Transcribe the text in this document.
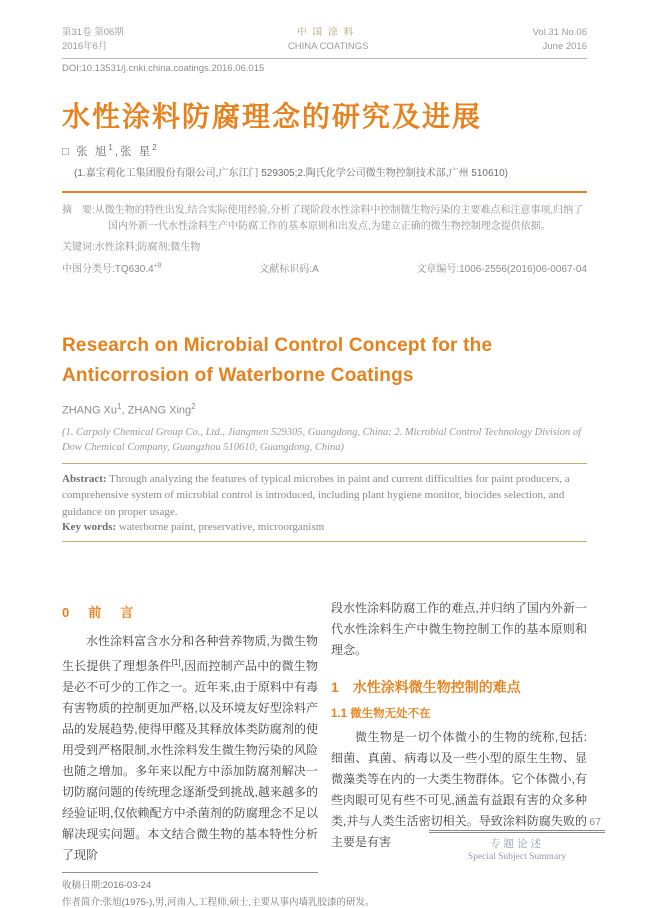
第31卷 第06期
2016年6月
中国涂料
CHINA COATINGS
Vol.31 No.06
June 2016
DOI:10.13531/j.cnki.china.coatings.2016.06.015
水性涂料防腐理念的研究及进展
□ 张 旭$^1$,张 星$^2$
(1.嘉宝莉化工集团股份有限公司,广东江门 529305;2.陶氏化学公司微生物控制技术部,广州 510610)
摘　要:从微生物的特性出发,结合实际使用经验,分析了现阶段水性涂料中控制微生物污染的主要难点和注意事项,归纳了国内外新一代水性涂料生产中防腐工作的基本原则和出发点,为建立正确的微生物控制理念提供依据。
关键词:水性涂料;防腐剂;微生物
中图分类号$:TQ630.4^{+9}$	文献标识码:A	文章编号:1006-2556(2016)06-0067-04
Research on Microbial Control Concept for the Anticorrosion of Waterborne Coatings
ZHANG Xu$^1$, ZHANG Xing$^2$
(1. Carpoly Chemical Group Co., Ltd., Jiangmen 529305, Guangdong, China; 2. Microbial Control Technology Division of Dow Chemical Company, Guangzhou 510610, Guangdong, China)
Abstract: Through analyzing the features of typical microbes in paint and current difficulties for paint producers, a comprehensive system of microbial control is introduced, including plant hygiene monitor, biocides selection, and guidance on proper usage.
Key words: waterborne paint, preservative, microorganism
0　前　言

水性涂料富含水分和各种营养物质,为微生物生长提供了理想条件[1],因而控制产品中的微生物是必不可少的工作之一。近年来,由于原料中有毒有害物质的控制更加严格,以及环境友好型涂料产品的发展趋势,使得甲醛及其释放体类防腐剂的使用受到严格限制,水性涂料发生微生物污染的风险也随之增加。多年来以配方中添加防腐剂解决一切防腐问题的传统理念逐渐受到挑战,越来越多的经验证明,仅依赖配方中杀菌剂的防腐理念不足以解决现实问题。本文结合微生物的基本特性分析了现阶

收稿日期:2016-03-24

段水性涂料防腐工作的难点,并归纳了国内外新一代水性涂料生产中微生物控制工作的基本原则和理念。

1　水性涂料微生物控制的难点
1.1 微生物无处不在

微生物是一切个体微小的生物的统称,包括:细菌、真菌、病毒以及一些小型的原生生物、显微藻类等在内的一大类生物群体。它个体微小,有些肉眼可见有些不可见,涵盖有益跟有害的众多种类,并与人类生活密切相关。导致涂料防腐失败的主要是有害

作者简介:张旭(1975-),男,河南人,工程师,硕士,主要从事内墙乳胶漆的研发。
67
专题论述
Special Subject Summary
